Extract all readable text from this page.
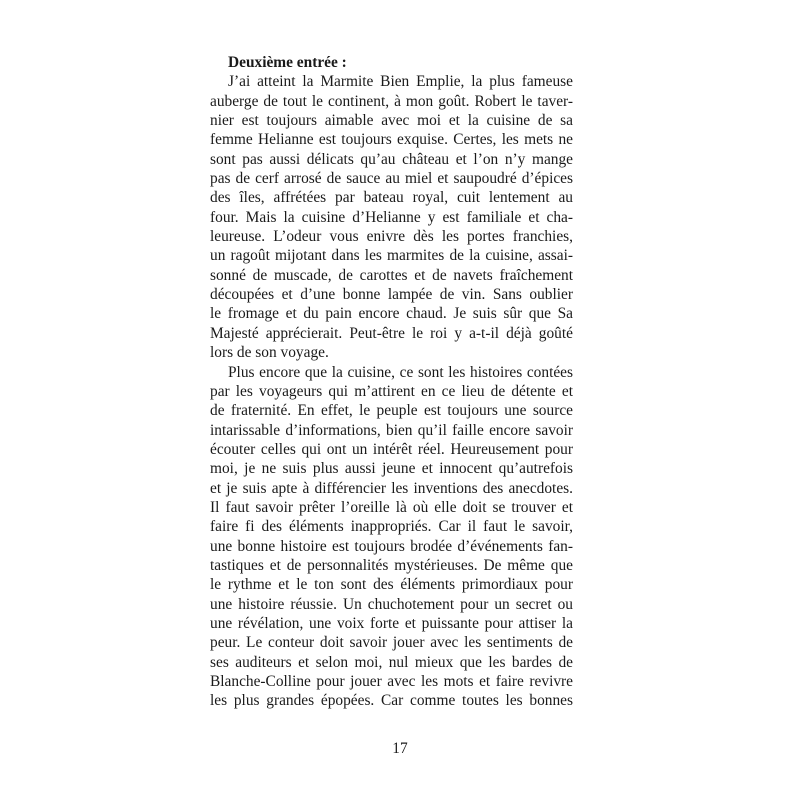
Deuxième entrée :

J’ai atteint la Marmite Bien Emplie, la plus fameuse
auberge de tout le continent, à mon goût. Robert le taver-
nier est toujours aimable avec moi et la cuisine de sa
femme Helianne est toujours exquise. Certes, les mets ne
sont pas aussi délicats qu’au château et l’on n’y mange
pas de cerf arrosé de sauce au miel et saupoudré d’épices
des îles, affrétées par bateau royal, cuit lentement au
four. Mais la cuisine d’Helianne y est familiale et cha-
leureuse. L’odeur vous enivre dès les portes franchies,
un ragoût mijotant dans les marmites de la cuisine, assai-
sonné de muscade, de carottes et de navets fraîchement
découpées et d’une bonne lampée de vin. Sans oublier
le fromage et du pain encore chaud. Je suis sûr que Sa
Majesté apprécierait. Peut-être le roi y a-t-il déjà goûté
lors de son voyage.
Plus encore que la cuisine, ce sont les histoires contées
par les voyageurs qui m’attirent en ce lieu de détente et
de fraternité. En effet, le peuple est toujours une source
intarissable d’informations, bien qu’il faille encore savoir
écouter celles qui ont un intérêt réel. Heureusement pour
moi, je ne suis plus aussi jeune et innocent qu’autrefois
et je suis apte à différencier les inventions des anecdotes.
Il faut savoir prêter l’oreille là où elle doit se trouver et
faire fi des éléments inappropriés. Car il faut le savoir,
une bonne histoire est toujours brodée d’événements fan-
tastiques et de personnalités mystérieuses. De même que
le rythme et le ton sont des éléments primordiaux pour
une histoire réussie. Un chuchotement pour un secret ou
une révélation, une voix forte et puissante pour attiser la
peur. Le conteur doit savoir jouer avec les sentiments de
ses auditeurs et selon moi, nul mieux que les bardes de
Blanche-Colline pour jouer avec les mots et faire revivre
les plus grandes épopées. Car comme toutes les bonnes
17
